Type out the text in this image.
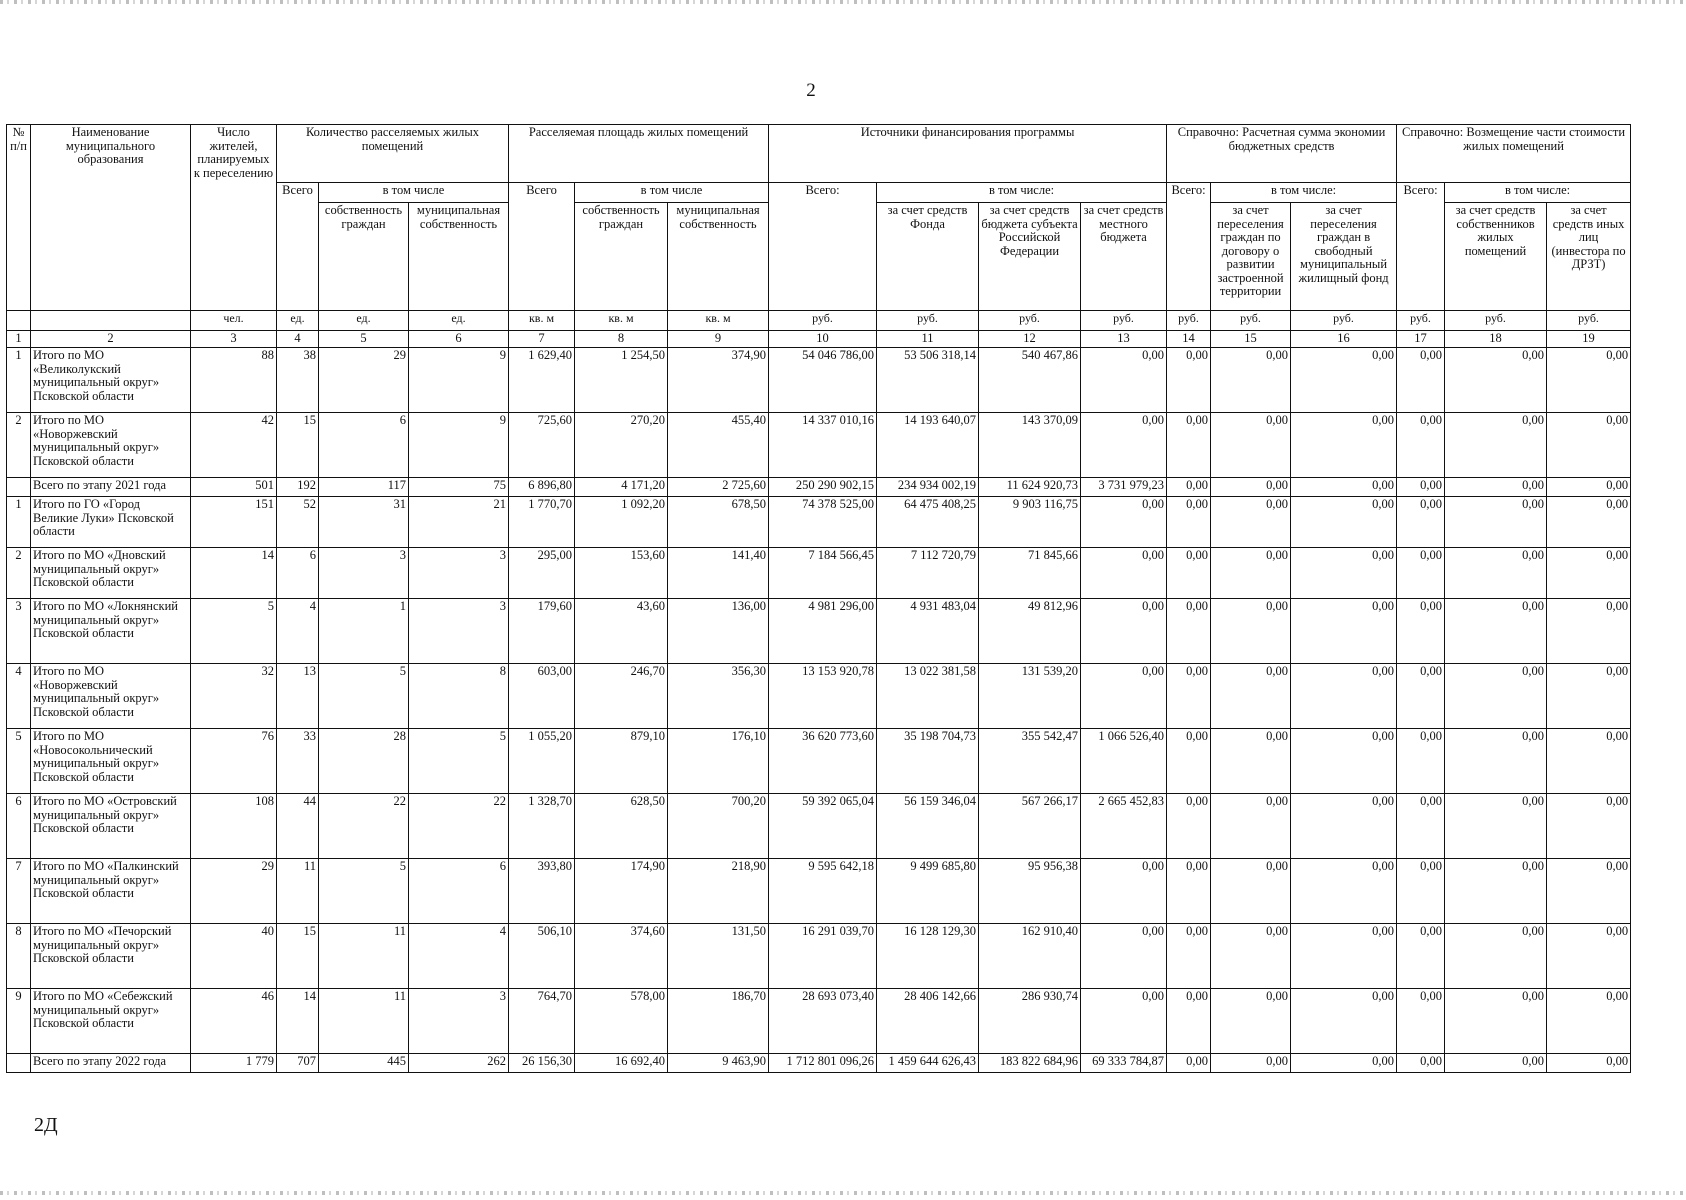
2
№ п/п	Наименование муниципального образования	Число жителей, планируемых к переселению	Количество расселяемых жилых помещений			Расселяемая площадь жилых помещений			Источники финансирования программы				Справочно: Расчетная сумма экономии бюджетных средств			Справочно: Возмещение части стоимости жилых помещений		
			Всего	в том числе		Всего	в том числе		Всего:	в том числе:			Всего:	в том числе:		Всего:	в том числе:	
				собственность граждан	муниципальная собственность		собственность граждан	муниципальная собственность		за счет средств Фонда	за счет средств бюджета субъекта Российской Федерации	за счет средств местного бюджета		за счет переселения граждан по договору о развитии застроенной территории	за счет переселения граждан в свободный муниципальный жилищный фонд		за счет средств собственников жилых помещений	за счет средств иных лиц (инвестора по ДРЗТ)
		чел.	ед.	ед.	ед.	кв. м	кв. м	кв. м	руб.	руб.	руб.	руб.	руб.	руб.	руб.	руб.	руб.	руб.
1	2	3	4	5	6	7	8	9	10	11	12	13	14	15	16	17	18	19
1	Итого по МО «Великолукский муниципальный округ» Псковской области	88	38	29	9	1 629,40	1 254,50	374,90	54 046 786,00	53 506 318,14	540 467,86	0,00	0,00	0,00	0,00	0,00	0,00	0,00
2	Итого по МО «Новоржевский муниципальный округ» Псковской области	42	15	6	9	725,60	270,20	455,40	14 337 010,16	14 193 640,07	143 370,09	0,00	0,00	0,00	0,00	0,00	0,00	0,00
	Всего по этапу 2021 года	501	192	117	75	6 896,80	4 171,20	2 725,60	250 290 902,15	234 934 002,19	11 624 920,73	3 731 979,23	0,00	0,00	0,00	0,00	0,00	0,00
1	Итого по ГО «Город Великие Луки» Псковской области	151	52	31	21	1 770,70	1 092,20	678,50	74 378 525,00	64 475 408,25	9 903 116,75	0,00	0,00	0,00	0,00	0,00	0,00	0,00
2	Итого по МО «Дновский муниципальный округ» Псковской области	14	6	3	3	295,00	153,60	141,40	7 184 566,45	7 112 720,79	71 845,66	0,00	0,00	0,00	0,00	0,00	0,00	0,00
3	Итого по МО «Локнянский муниципальный округ» Псковской области	5	4	1	3	179,60	43,60	136,00	4 981 296,00	4 931 483,04	49 812,96	0,00	0,00	0,00	0,00	0,00	0,00	0,00
4	Итого по МО «Новоржевский муниципальный округ» Псковской области	32	13	5	8	603,00	246,70	356,30	13 153 920,78	13 022 381,58	131 539,20	0,00	0,00	0,00	0,00	0,00	0,00	0,00
5	Итого по МО «Новосокольнический муниципальный округ» Псковской области	76	33	28	5	1 055,20	879,10	176,10	36 620 773,60	35 198 704,73	355 542,47	1 066 526,40	0,00	0,00	0,00	0,00	0,00	0,00
6	Итого по МО «Островский муниципальный округ» Псковской области	108	44	22	22	1 328,70	628,50	700,20	59 392 065,04	56 159 346,04	567 266,17	2 665 452,83	0,00	0,00	0,00	0,00	0,00	0,00
7	Итого по МО «Палкинский муниципальный округ» Псковской области	29	11	5	6	393,80	174,90	218,90	9 595 642,18	9 499 685,80	95 956,38	0,00	0,00	0,00	0,00	0,00	0,00	0,00
8	Итого по МО «Печорский муниципальный округ» Псковской области	40	15	11	4	506,10	374,60	131,50	16 291 039,70	16 128 129,30	162 910,40	0,00	0,00	0,00	0,00	0,00	0,00	0,00
9	Итого по МО «Себежский муниципальный округ» Псковской области	46	14	11	3	764,70	578,00	186,70	28 693 073,40	28 406 142,66	286 930,74	0,00	0,00	0,00	0,00	0,00	0,00	0,00
	Всего по этапу 2022 года	1 779	707	445	262	26 156,30	16 692,40	9 463,90	1 712 801 096,26	1 459 644 626,43	183 822 684,96	69 333 784,87	0,00	0,00	0,00	0,00	0,00	0,00
2Д
